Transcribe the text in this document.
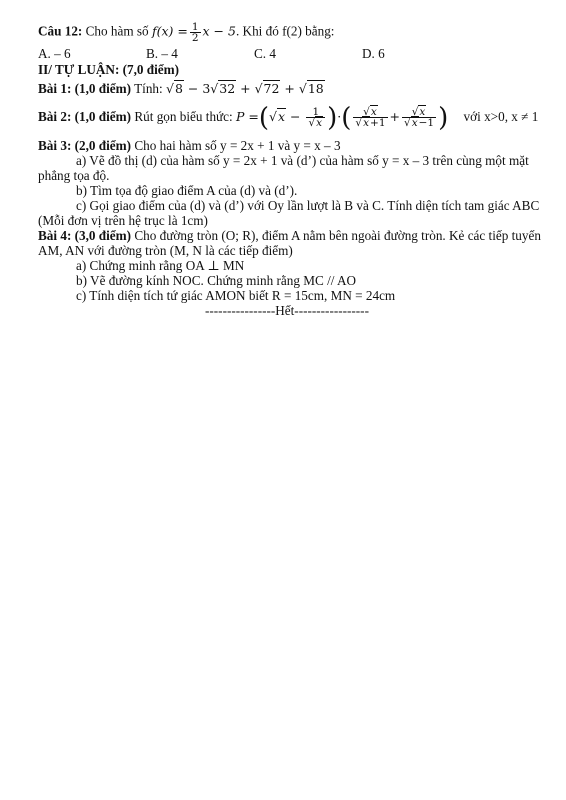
Câu 12: Cho hàm số $f(x) = \frac{1}{2}$ x − 5. Khi đó f(2) bằng:
A. – 6	B. – 4	C. 4	D. 6
II/ TỰ LUẬN: (7,0 điểm)
Bài 1: (1,0 điểm) Tính: √8 − 3√32 + √72 + √18
Bài 2: (1,0 điểm) Rút gọn biểu thức: $P =(√x - \frac{1}{√x}$ )·( $\frac{√x}{√x+1} + \frac{√x}{√x-1}$ ) với x>0, x ≠ 1
Bài 3: (2,0 điểm) Cho hai hàm số y = 2x + 1 và y = x – 3
a) Vẽ đồ thị (d) của hàm số y = 2x + 1 và (d’) của hàm số y = x – 3 trên cùng một mặt
phẳng tọa độ.
b) Tìm tọa độ giao điểm A của (d) và (d’).
c) Gọi giao điểm của (d) và (d’) với Oy lần lượt là B và C. Tính diện tích tam giác ABC
(Mỗi đơn vị trên hệ trục là 1cm)
Bài 4: (3,0 điểm) Cho đường tròn (O; R), điểm A nằm bên ngoài đường tròn. Kẻ các tiếp tuyến
AM, AN với đường tròn (M, N là các tiếp điểm)
a) Chứng minh rằng OA ⊥ MN
b) Vẽ đường kính NOC. Chứng minh rằng MC // AO
c) Tính diện tích tứ giác AMON biết R = 15cm, MN = 24cm
----------------Hết-----------------
